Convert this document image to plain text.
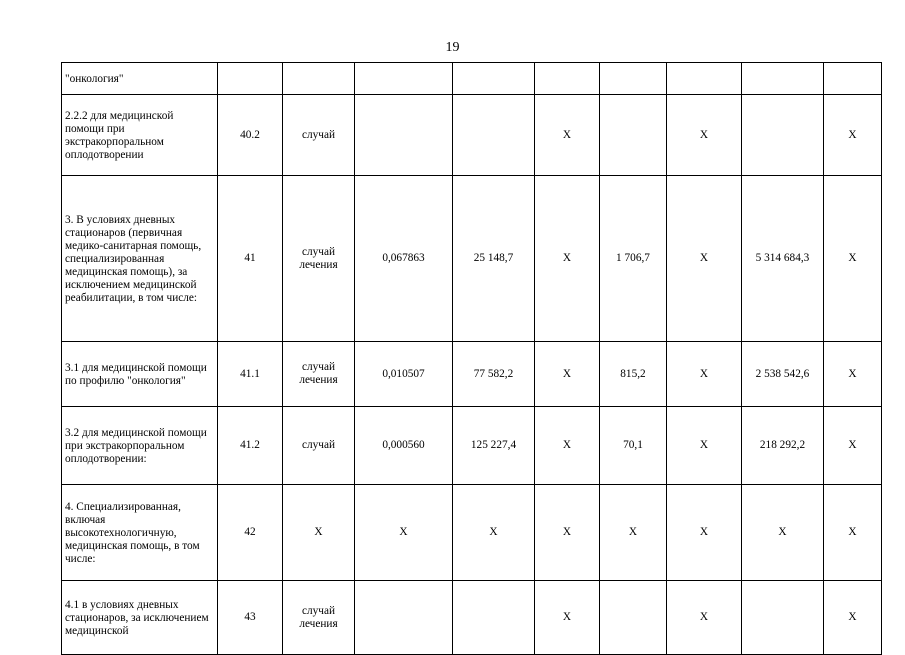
19
"онкология"									
2.2.2 для медицинской помощи при экстракорпоральном оплодотворении	40.2	случай			Х		Х		Х
3. В условиях дневных стационаров (первичная медико-санитарная помощь, специализированная медицинская помощь), за исключением медицинской реабилитации, в том числе:	41	случай лечения	0,067863	25 148,7	Х	1 706,7	Х	5 314 684,3	Х
3.1 для медицинской помощи по профилю "онкология"	41.1	случай лечения	0,010507	77 582,2	Х	815,2	Х	2 538 542,6	Х
3.2 для медицинской помощи при экстракорпоральном оплодотворении:	41.2	случай	0,000560	125 227,4	Х	70,1	Х	218 292,2	Х
4. Специализированная, включая высокотехнологичную, медицинская помощь, в том числе:	42	Х	Х	Х	Х	Х	Х	Х	Х
4.1 в условиях дневных стационаров, за исключением медицинской	43	случай лечения			Х		Х		Х
